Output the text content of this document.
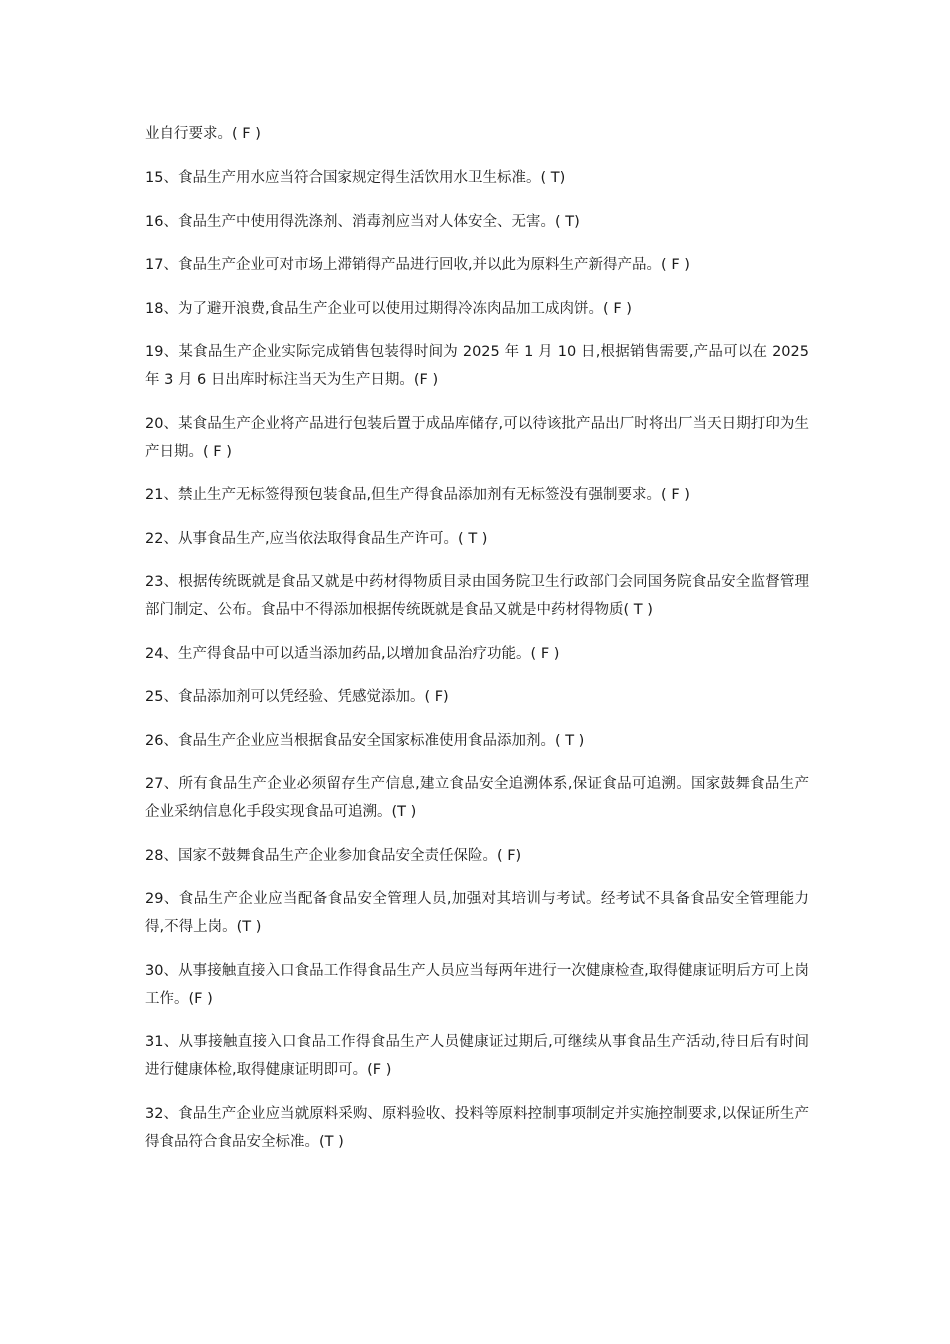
业自行要求。( F )

15、食品生产用水应当符合国家规定得生活饮用水卫生标准。( T)

16、食品生产中使用得洗涤剂、消毒剂应当对人体安全、无害。( T)

17、食品生产企业可对市场上滞销得产品进行回收,并以此为原料生产新得产品。( F )

18、为了避开浪费,食品生产企业可以使用过期得冷冻肉品加工成肉饼。( F )

19、某食品生产企业实际完成销售包装得时间为 2025 年 1 月 10 日,根据销售需要,产品可以在 2025 年 3 月 6 日出库时标注当天为生产日期。(F )

20、某食品生产企业将产品进行包装后置于成品库储存,可以待该批产品出厂时将出厂当天日期打印为生产日期。( F )

21、禁止生产无标签得预包装食品,但生产得食品添加剂有无标签没有强制要求。( F )

22、从事食品生产,应当依法取得食品生产许可。( T )

23、根据传统既就是食品又就是中药材得物质目录由国务院卫生行政部门会同国务院食品安全监督管理部门制定、公布。食品中不得添加根据传统既就是食品又就是中药材得物质( T )

24、生产得食品中可以适当添加药品,以增加食品治疗功能。( F )

25、食品添加剂可以凭经验、凭感觉添加。( F)

26、食品生产企业应当根据食品安全国家标准使用食品添加剂。( T )

27、所有食品生产企业必须留存生产信息,建立食品安全追溯体系,保证食品可追溯。国家鼓舞食品生产企业采纳信息化手段实现食品可追溯。(T )

28、国家不鼓舞食品生产企业参加食品安全责任保险。( F)

29、食品生产企业应当配备食品安全管理人员,加强对其培训与考试。经考试不具备食品安全管理能力得,不得上岗。(T )

30、从事接触直接入口食品工作得食品生产人员应当每两年进行一次健康检查,取得健康证明后方可上岗工作。(F )

31、从事接触直接入口食品工作得食品生产人员健康证过期后,可继续从事食品生产活动,待日后有时间进行健康体检,取得健康证明即可。(F )

32、食品生产企业应当就原料采购、原料验收、投料等原料控制事项制定并实施控制要求,以保证所生产得食品符合食品安全标准。(T )
